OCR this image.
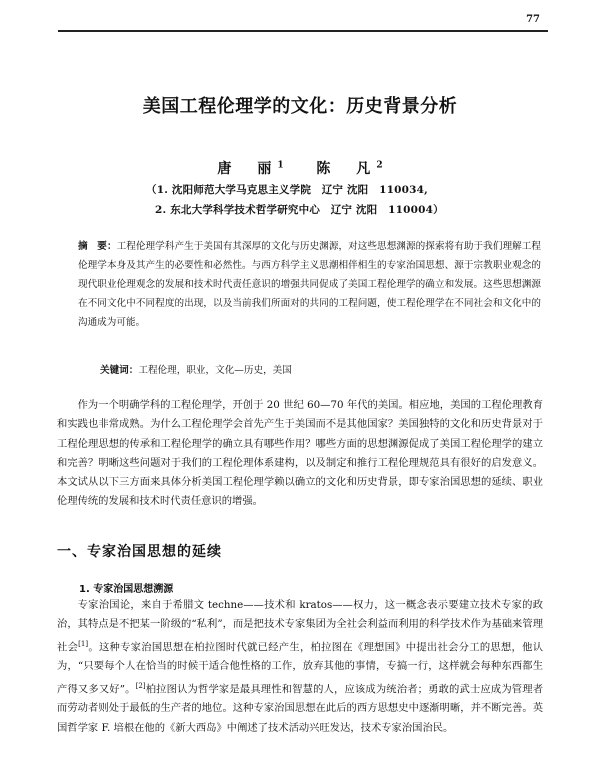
77
美国工程伦理学的文化：历史背景分析
唐　丽$^1$ 陈　凡$^2$
（1. 沈阳师范大学马克思主义学院　辽宁 沈阳　110034,
2. 东北大学科学技术哲学研究中心　辽宁 沈阳　110004）
摘　要：工程伦理学科产生于美国有其深厚的文化与历史渊源，对这些思想渊源的探索将有助于我们理解工程伦理学本身及其产生的必要性和必然性。与西方科学主义思潮相伴相生的专家治国思想、源于宗教职业观念的现代职业伦理观念的发展和技术时代责任意识的增强共同促成了美国工程伦理学的确立和发展。这些思想渊源在不同文化中不同程度的出现，以及当前我们所面对的共同的工程问题，使工程伦理学在不同社会和文化中的沟通成为可能。
关键词：工程伦理，职业，文化—历史，美国
作为一个明确学科的工程伦理学，开创于 20 世纪 60—70 年代的美国。相应地，美国的工程伦理教育和实践也非常成熟。为什么工程伦理学会首先产生于美国而不是其他国家？美国独特的文化和历史背景对于工程伦理思想的传承和工程伦理学的确立具有哪些作用？哪些方面的思想渊源促成了美国工程伦理学的建立和完善？明晰这些问题对于我们的工程伦理体系建构，以及制定和推行工程伦理规范具有很好的启发意义。本文试从以下三方面来具体分析美国工程伦理学赖以确立的文化和历史背景，即专家治国思想的延续、职业伦理传统的发展和技术时代责任意识的增强。
一、专家治国思想的延续
1. 专家治国思想溯源
专家治国论，来自于希腊文 techne——技术和 kratos——权力，这一概念表示要建立技术专家的政治，其特点是不把某一阶级的“私利”，而是把技术专家集团为全社会利益而利用的科学技术作为基础来管理社会[1]。这种专家治国思想在柏拉图时代就已经产生，柏拉图在《理想国》中提出社会分工的思想，他认为，“只要每个人在恰当的时候干适合他性格的工作，放弃其他的事情，专搞一行，这样就会每种东西都生产得又多又好”。[2]柏拉图认为哲学家是最具理性和智慧的人，应该成为统治者；勇敢的武士应成为管理者而劳动者则处于最低的生产者的地位。这种专家治国思想在此后的西方思想史中逐渐明晰，并不断完善。英国哲学家 F. 培根在他的《新大西岛》中阐述了技术活动兴旺发达，技术专家治国治民。
